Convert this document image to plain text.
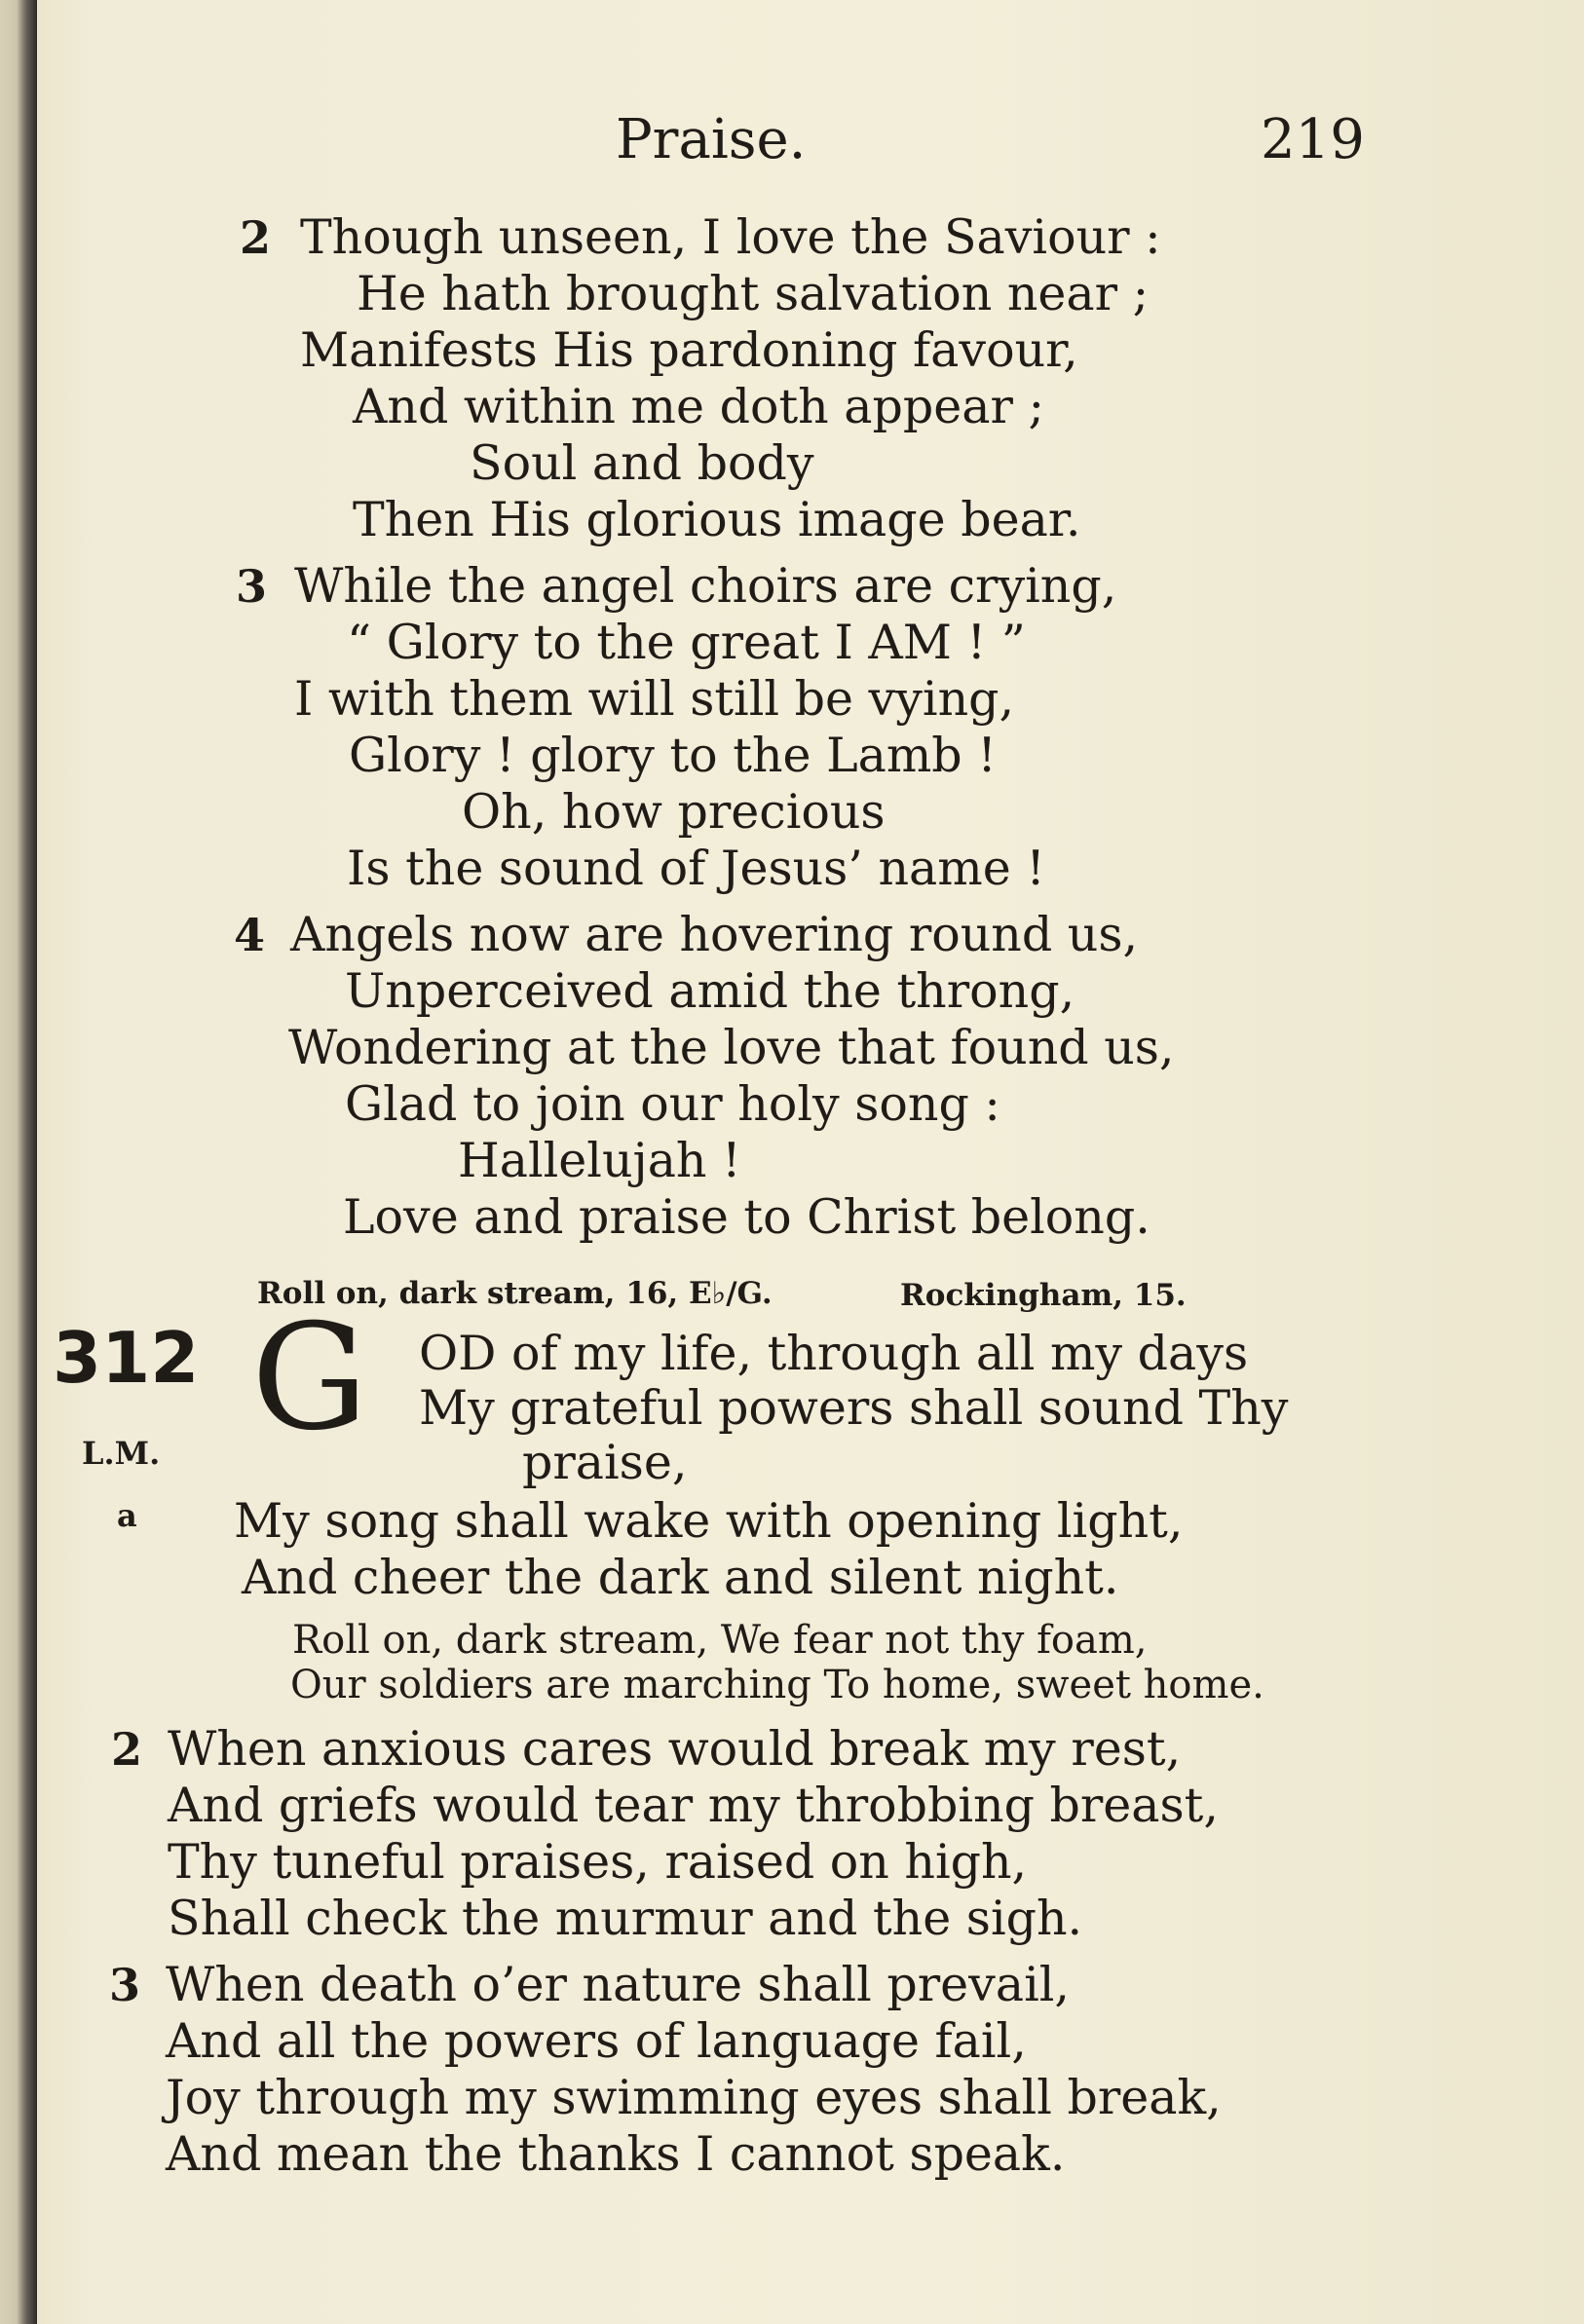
Praise.	219
2 Though unseen, I love the Saviour :
He hath brought salvation near ;
Manifests His pardoning favour,
And within me doth appear ;
Soul and body
Then His glorious image bear.
3 While the angel choirs are crying,
“ Glory to the great I AM ! ”
I with them will still be vying,
Glory ! glory to the Lamb !
Oh, how precious
Is the sound of Jesus’ name !
4 Angels now are hovering round us,
Unperceived amid the throng,
Wondering at the love that found us,
Glad to join our holy song :
Hallelujah !
Love and praise to Christ belong.
Roll on, dark stream, 16, E♭/G.	Rockingham, 15.
312
L.M.
a
G OD of my life, through all my days
My grateful powers shall sound Thy
praise,
My song shall wake with opening light,
And cheer the dark and silent night.
Roll on, dark stream, We fear not thy foam,
Our soldiers are marching To home, sweet home.
2 When anxious cares would break my rest,
And griefs would tear my throbbing breast,
Thy tuneful praises, raised on high,
Shall check the murmur and the sigh.
3 When death o’er nature shall prevail,
And all the powers of language fail,
Joy through my swimming eyes shall break,
And mean the thanks I cannot speak.
